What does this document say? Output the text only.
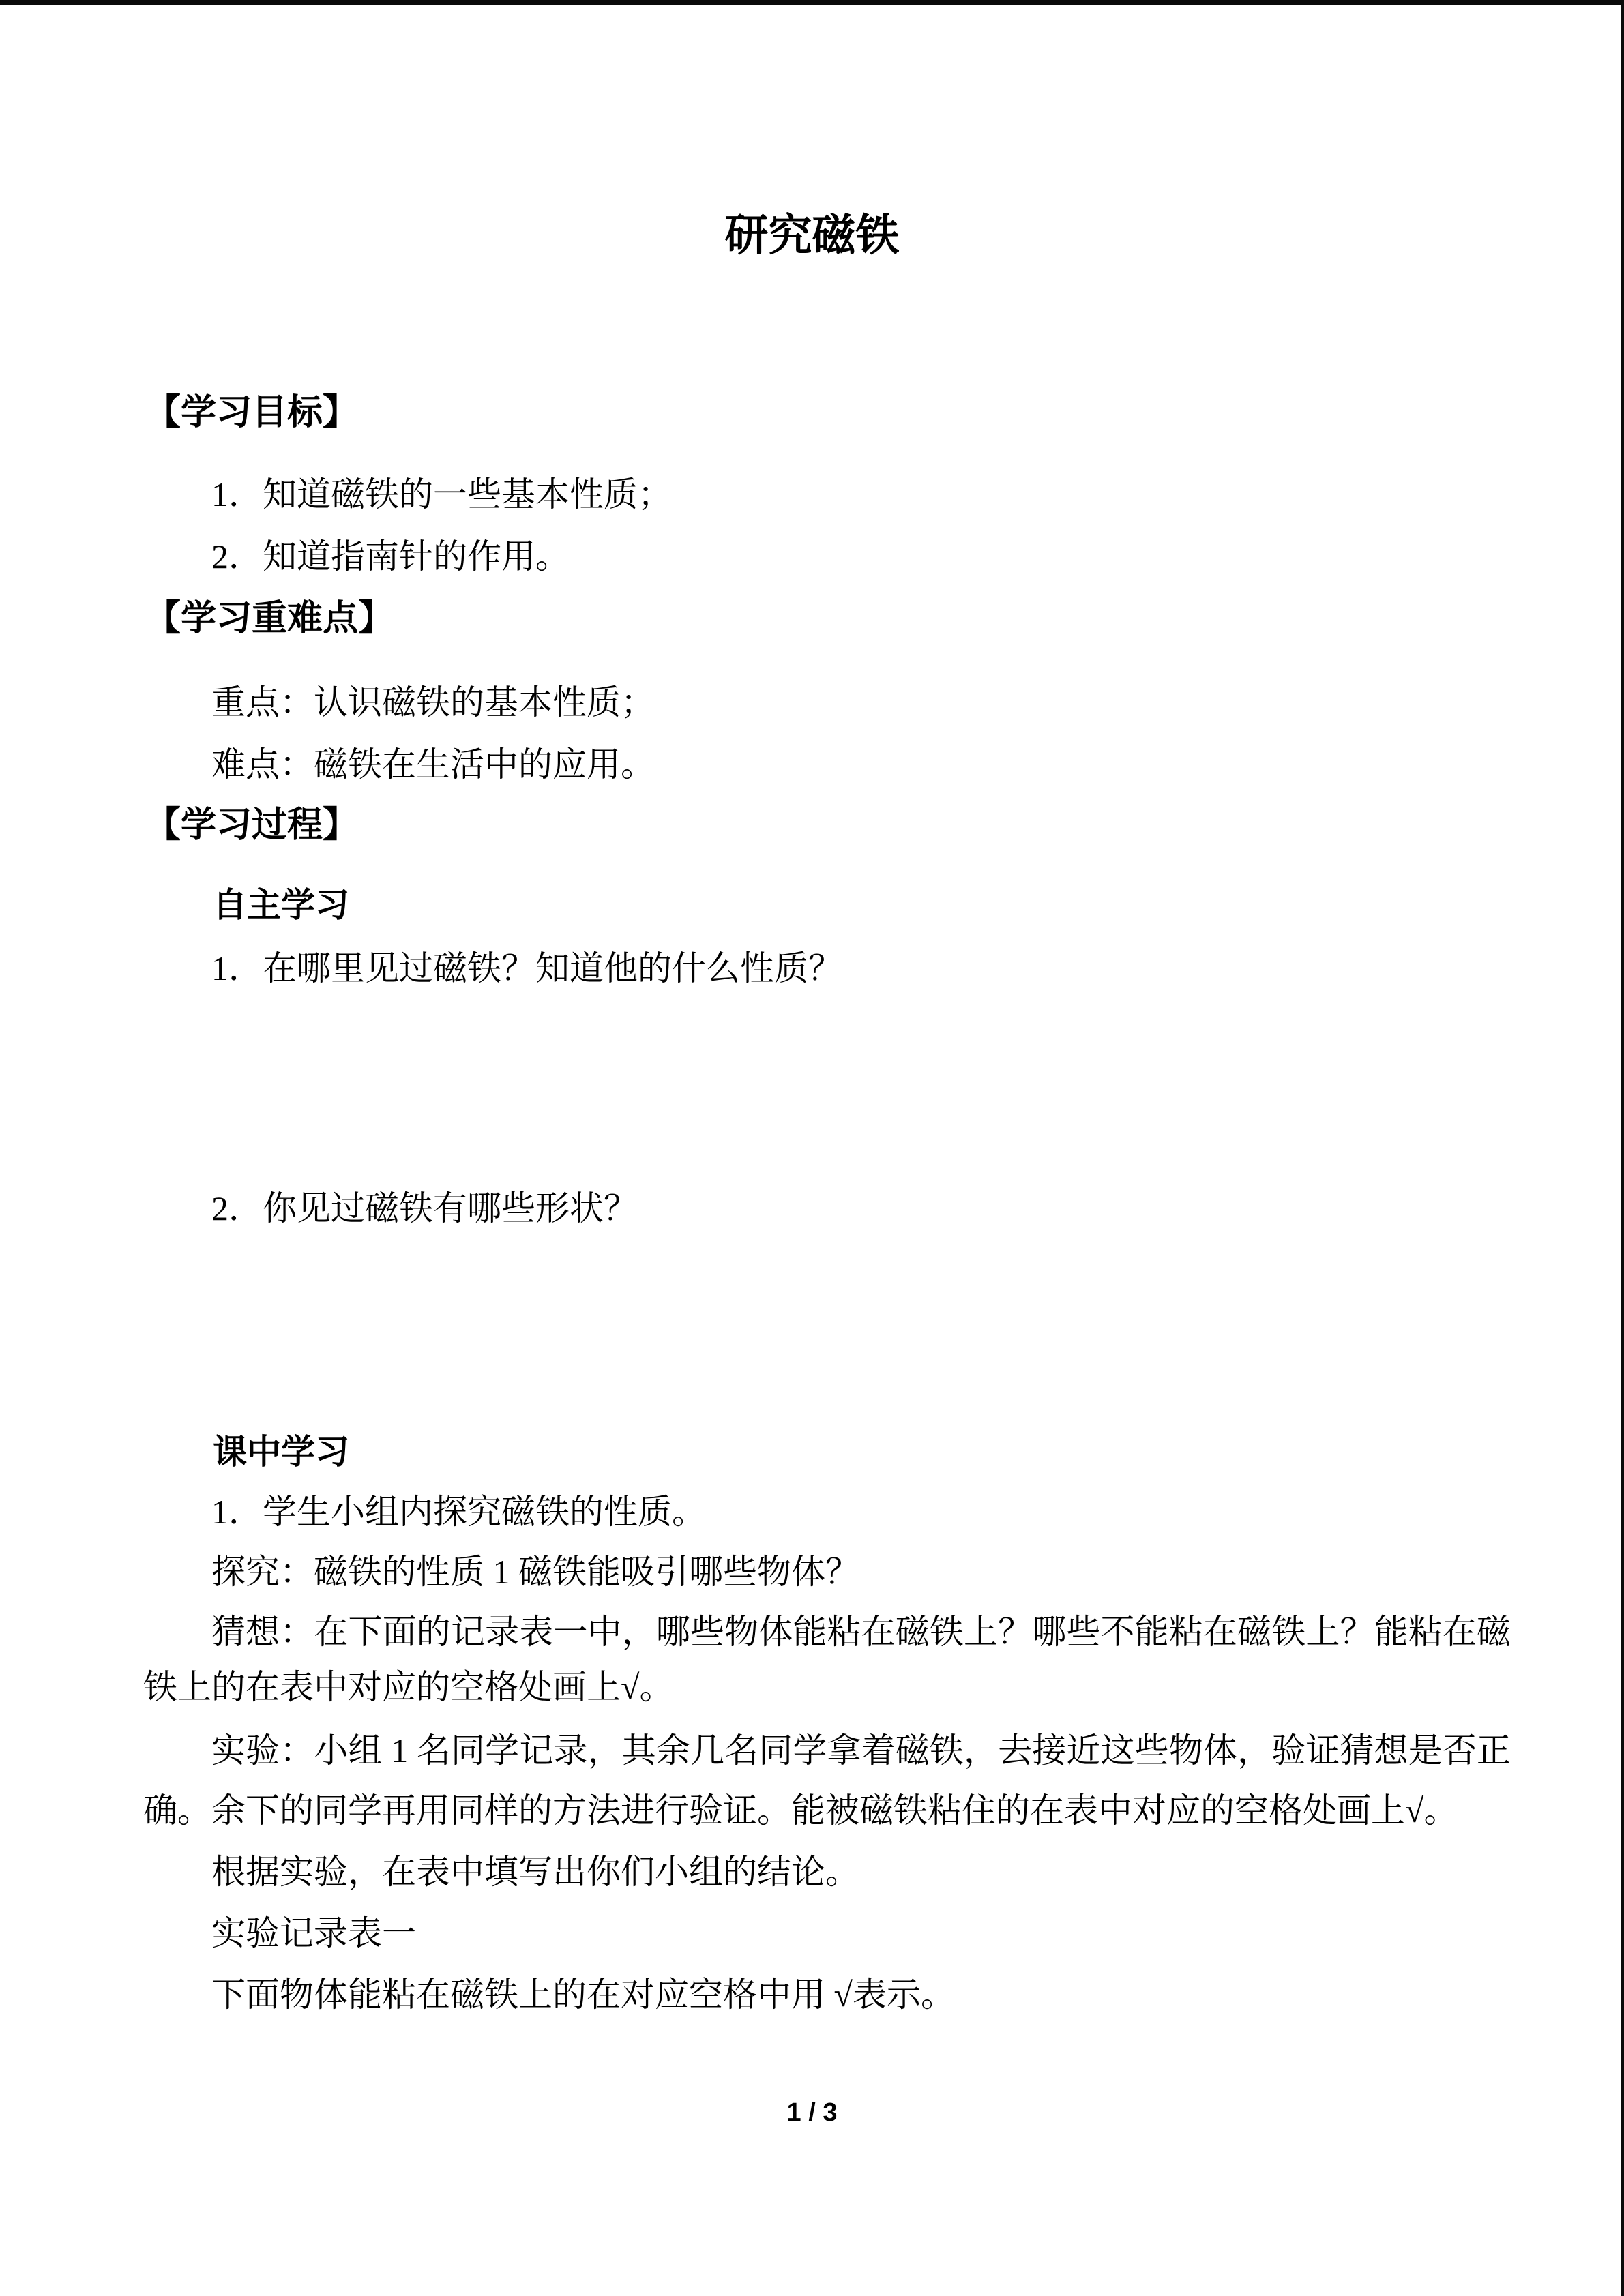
研究磁铁
【学习目标】
1．知道磁铁的一些基本性质；
2．知道指南针的作用。
【学习重难点】
重点：认识磁铁的基本性质；
难点：磁铁在生活中的应用。
【学习过程】
自主学习
1．在哪里见过磁铁？知道他的什么性质？
2．你见过磁铁有哪些形状？
课中学习
1．学生小组内探究磁铁的性质。
探究：磁铁的性质 1 磁铁能吸引哪些物体？
猜想：在下面的记录表一中，哪些物体能粘在磁铁上？哪些不能粘在磁铁上？能粘在磁
铁上的在表中对应的空格处画上√。
实验：小组 1 名同学记录，其余几名同学拿着磁铁，去接近这些物体，验证猜想是否正
确。余下的同学再用同样的方法进行验证。能被磁铁粘住的在表中对应的空格处画上√。
根据实验，在表中填写出你们小组的结论。
实验记录表一
下面物体能粘在磁铁上的在对应空格中用 √表示。
1 / 3
